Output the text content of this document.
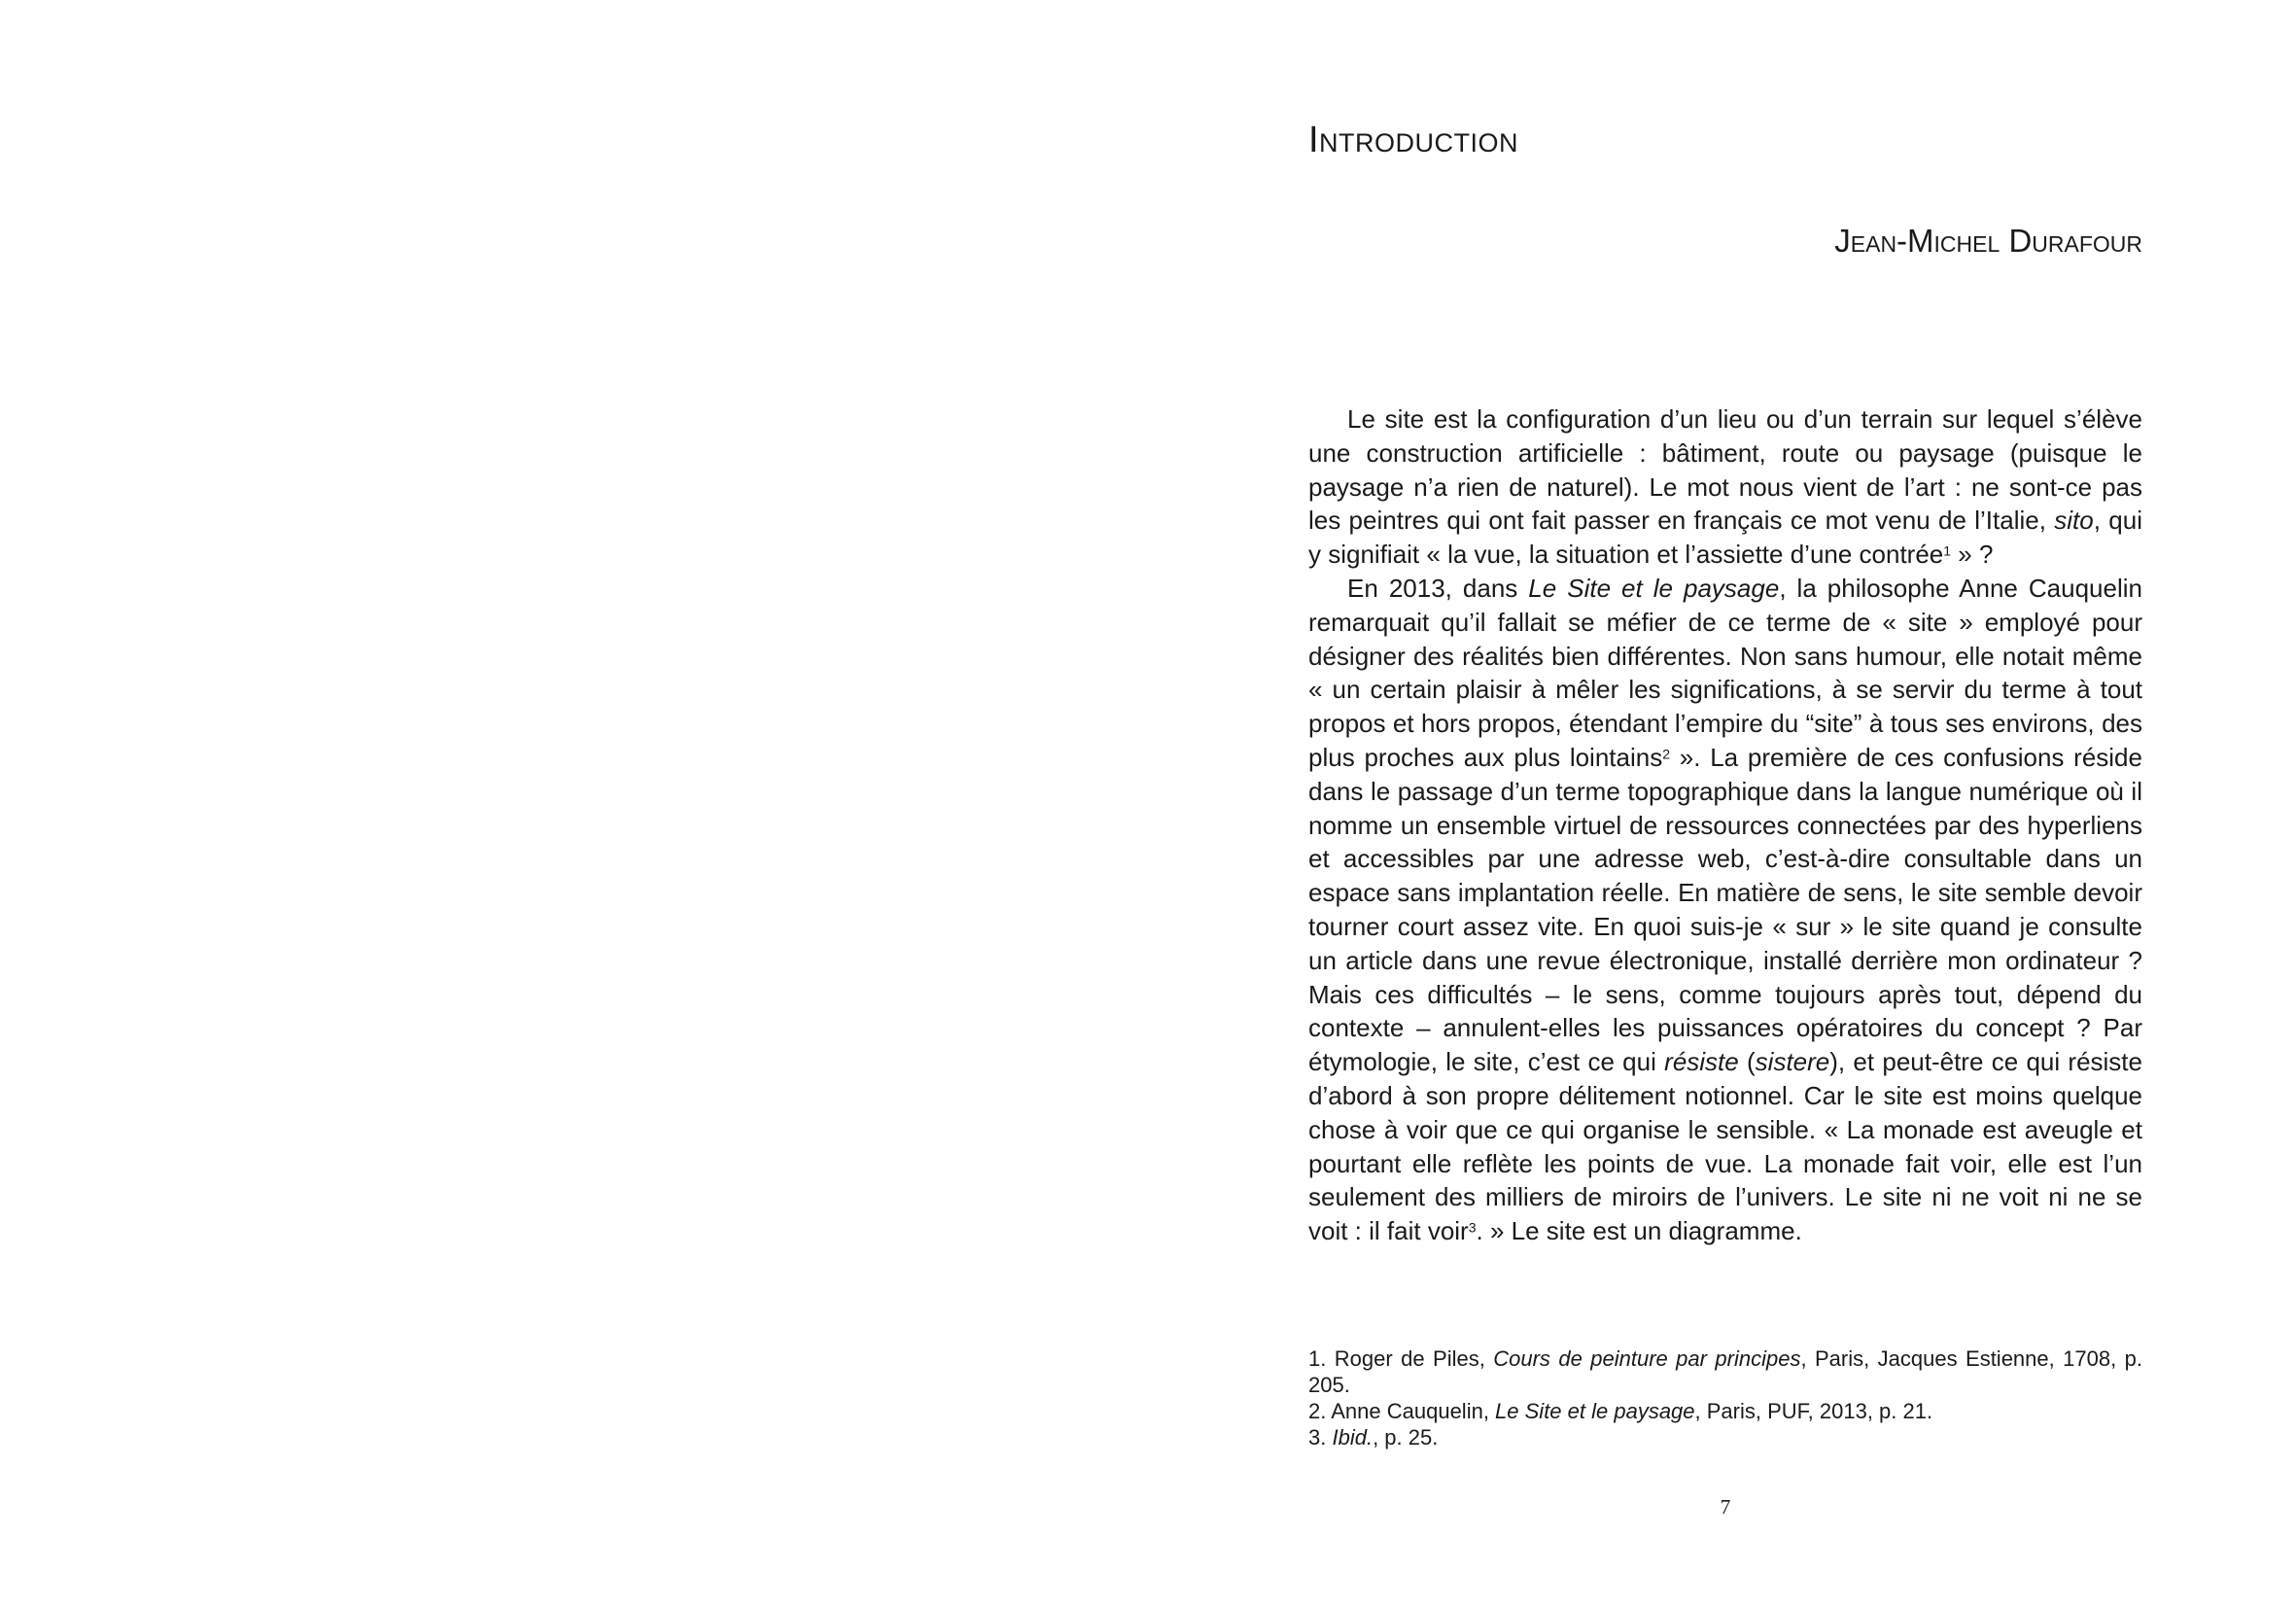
Introduction
Jean-Michel Durafour

Le site est la configuration d’un lieu ou d’un terrain sur lequel s’élève une construction artificielle : bâtiment, route ou paysage (puisque le paysage n’a rien de naturel). Le mot nous vient de l’art : ne sont-ce pas les peintres qui ont fait passer en français ce mot venu de l’Italie, sito, qui y signifiait « la vue, la situation et l’assiette d’une contrée$^1$ » ?

En 2013, dans Le Site et le paysage, la philosophe Anne Cauquelin remarquait qu’il fallait se méfier de ce terme de « site » employé pour désigner des réalités bien différentes. Non sans humour, elle notait même « un certain plaisir à mêler les significations, à se servir du terme à tout propos et hors propos, étendant l’empire du “site” à tous ses environs, des plus proches aux plus lointains$^2$ ». La première de ces confusions réside dans le passage d’un terme topographique dans la langue numérique où il nomme un ensemble virtuel de ressources connectées par des hyperliens et accessibles par une adresse web, c’est-à-dire consultable dans un espace sans implantation réelle. En matière de sens, le site semble devoir tourner court assez vite. En quoi suis-je « sur » le site quand je consulte un article dans une revue électronique, installé derrière mon ordinateur ? Mais ces difficultés – le sens, comme toujours après tout, dépend du contexte – annulent-elles les puissances opératoires du concept ? Par étymologie, le site, c’est ce qui résiste (sistere), et peut-être ce qui résiste d’abord à son propre délitement notionnel. Car le site est moins quelque chose à voir que ce qui organise le sensible. « La monade est aveugle et pourtant elle reflète les points de vue. La monade fait voir, elle est l’un seulement des milliers de miroirs de l’univers. Le site ni ne voit ni ne se voit : il fait voir$^3$. » Le site est un diagramme.

1. Roger de Piles, Cours de peinture par principes, Paris, Jacques Estienne, 1708, p. 205.

2. Anne Cauquelin, Le Site et le paysage, Paris, PUF, 2013, p. 21.

3. Ibid., p. 25.

7
